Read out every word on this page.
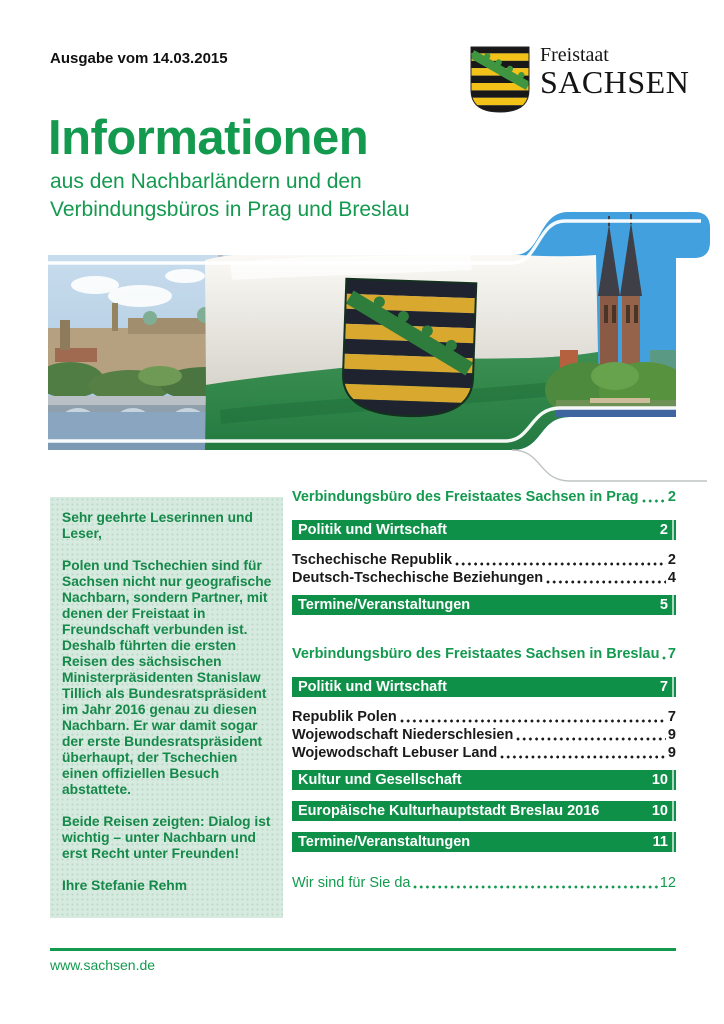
Ausgabe vom 14.03.2015	Freistaat
SACHSEN
Informationen
aus den Nachbarländern und den
Verbindungsbüros in Prag und Breslau

Sehr geehrte Leserinnen und Leser,

Polen und Tschechien sind für Sachsen nicht nur geografische Nachbarn, sondern Partner, mit denen der Freistaat in Freundschaft verbunden ist. Deshalb führten die ersten Reisen des sächsischen Ministerpräsidenten Stanislaw Tillich als Bundesratspräsident im Jahr 2016 genau zu diesen Nachbarn. Er war damit sogar der erste Bundesratspräsident überhaupt, der Tschechien einen offiziellen Besuch abstattete.

Beide Reisen zeigten: Dialog ist wichtig – unter Nachbarn und erst Recht unter Freunden!

Ihre Stefanie Rehm

Verbindungsbüro des Freistaates Sachsen in Prag 2
Politik und Wirtschaft	2
Tschechische Republik	2
Deutsch-Tschechische Beziehungen	4
Termine/Veranstaltungen	5
Verbindungsbüro des Freistaates Sachsen in Breslau 7
Politik und Wirtschaft	7
Republik Polen	7
Wojewodschaft Niederschlesien	9
Wojewodschaft Lebuser Land	9
Kultur und Gesellschaft	10
Europäische Kulturhauptstadt Breslau 2016	10
Termine/Veranstaltungen	11
Wir sind für Sie da	12
www.sachsen.de
